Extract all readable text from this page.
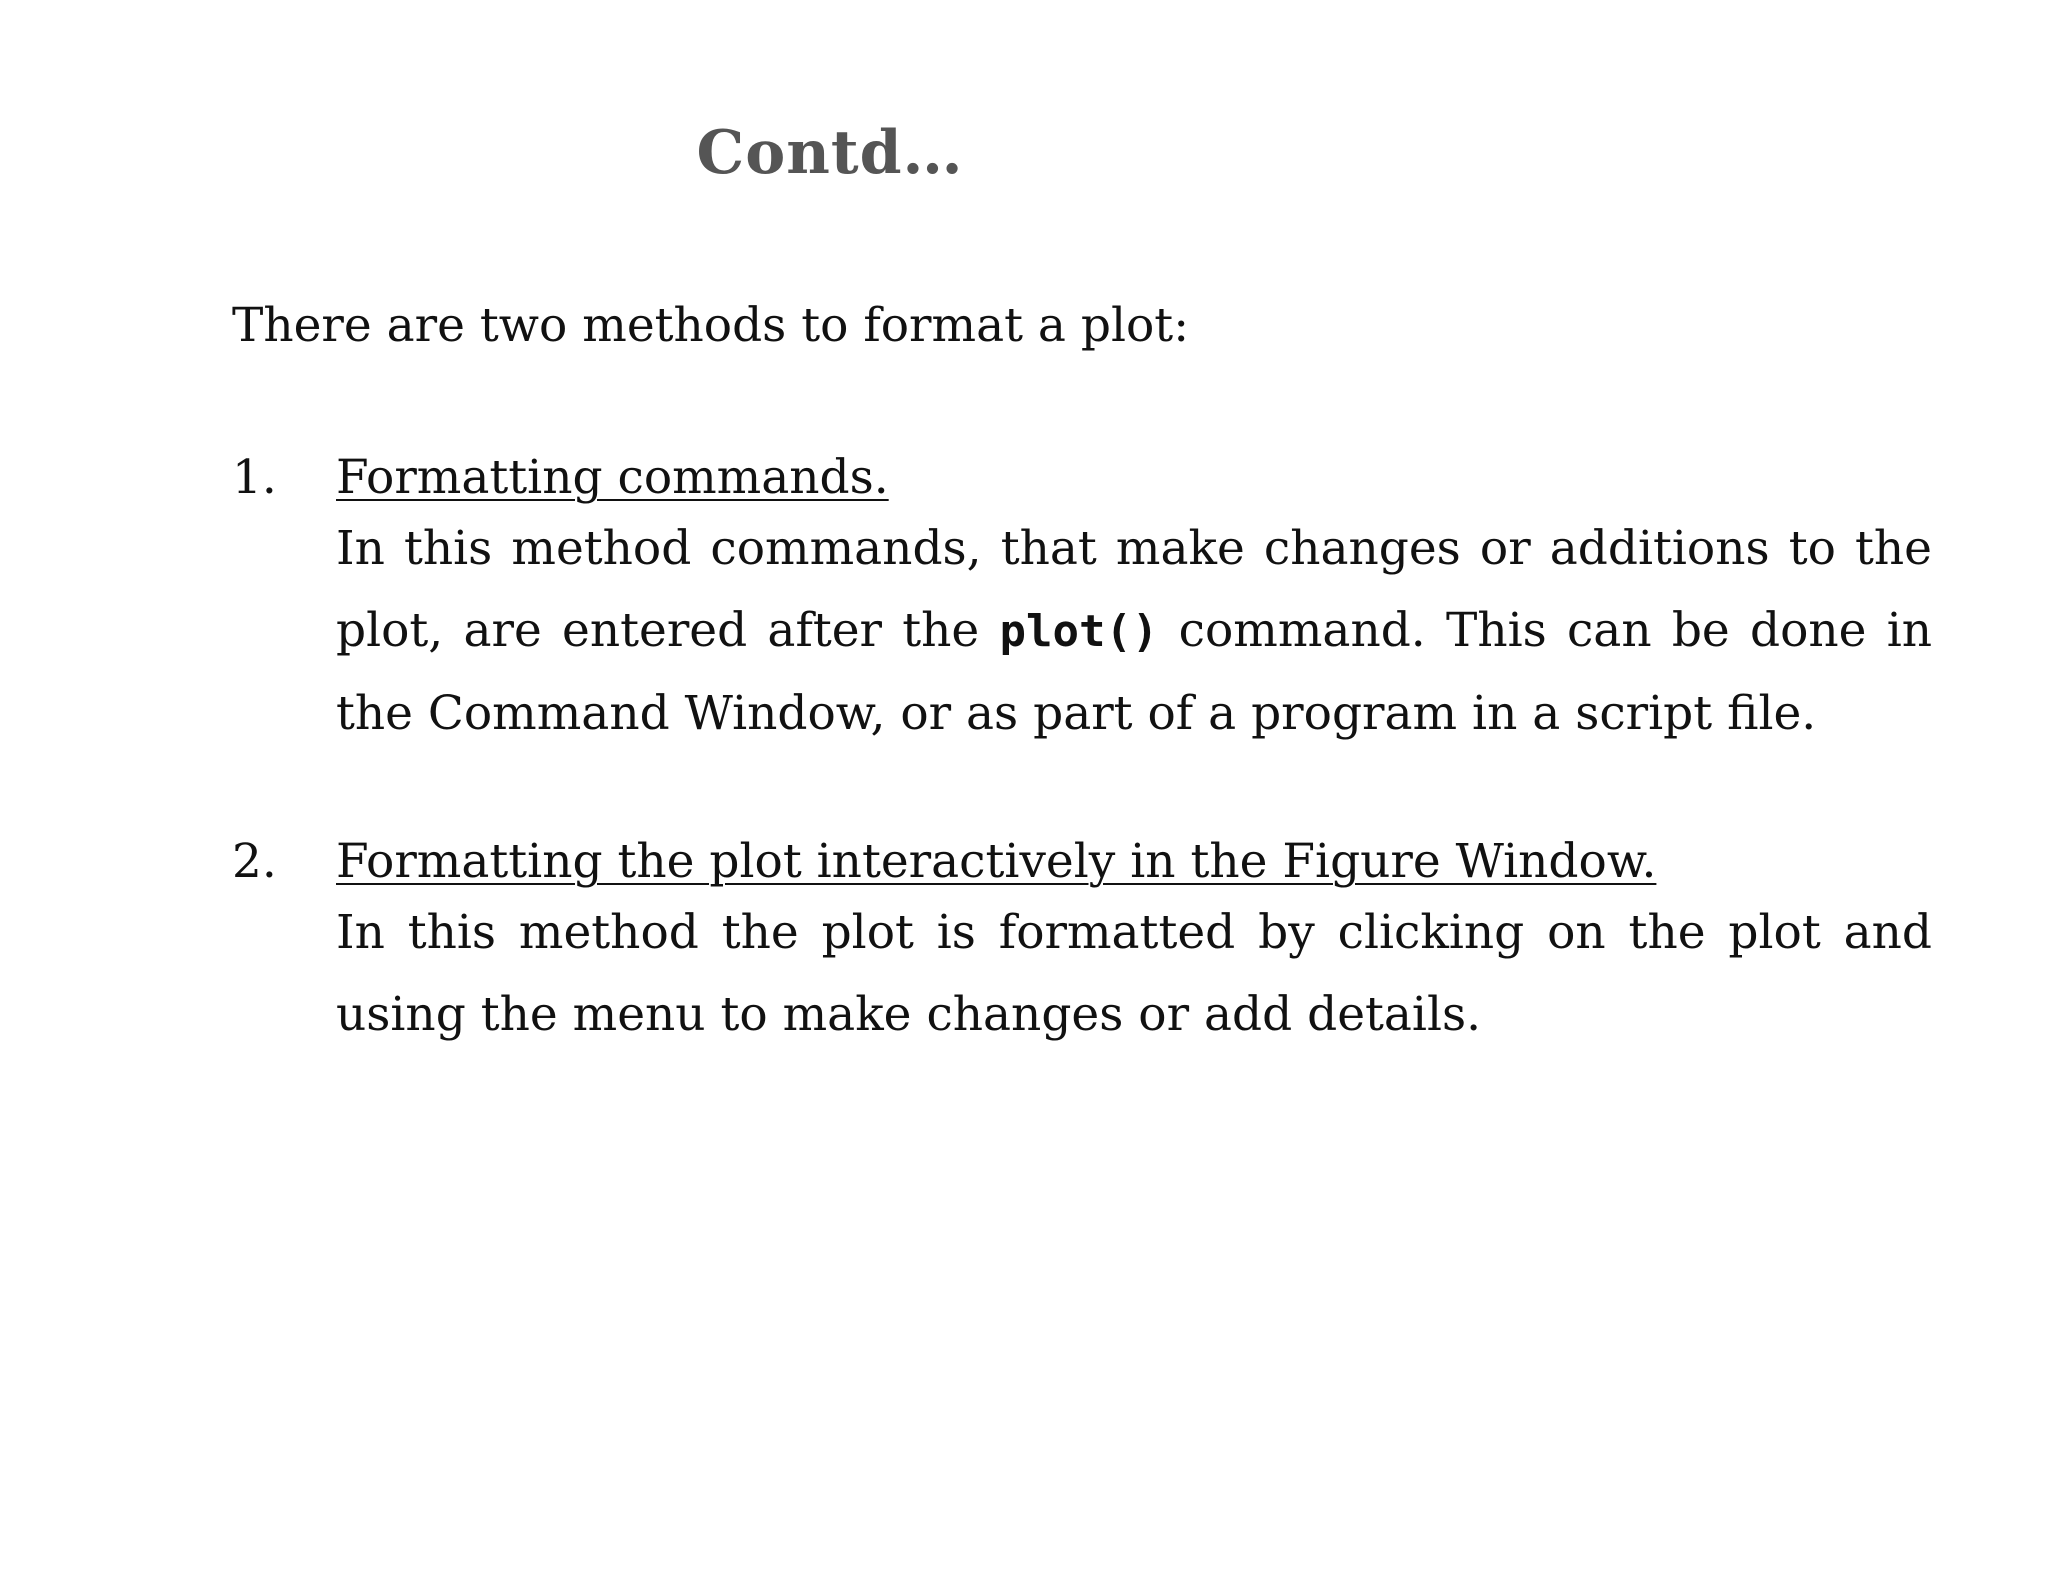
Contd…

There are two methods to format a plot:

1. Formatting commands.
In this method commands, that make changes or additions to the plot, are entered after the plot() command. This can be done in the Command Window, or as part of a program in a script file.
2. Formatting the plot interactively in the Figure Window.
In this method the plot is formatted by clicking on the plot and using the menu to make changes or add details.
